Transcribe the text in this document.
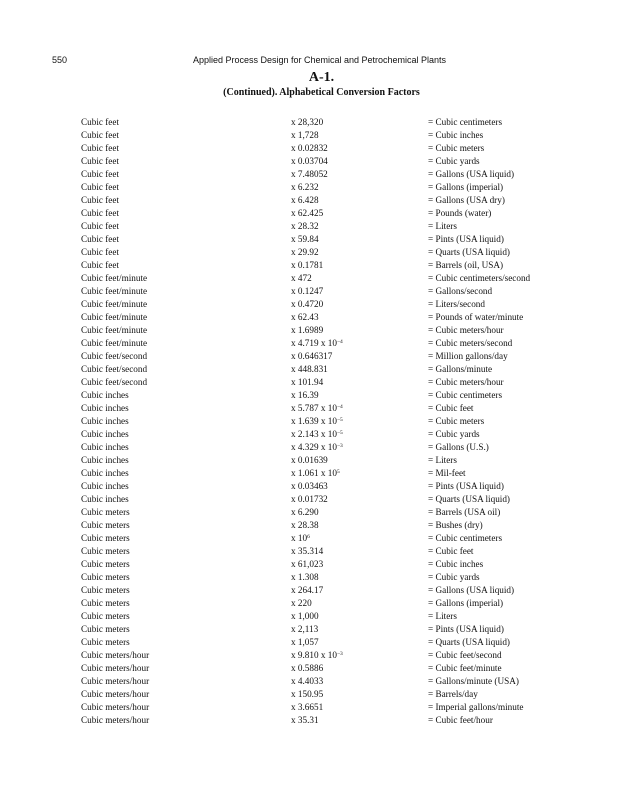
550	Applied Process Design for Chemical and Petrochemical Plants
A-1.
(Continued). Alphabetical Conversion Factors
Cubic feet	x 28,320	= Cubic centimeters
Cubic feet	x 1,728	= Cubic inches
Cubic feet	x 0.02832	= Cubic meters
Cubic feet	x 0.03704	= Cubic yards
Cubic feet	x 7.48052	= Gallons (USA liquid)
Cubic feet	x 6.232	= Gallons (imperial)
Cubic feet	x 6.428	= Gallons (USA dry)
Cubic feet	x 62.425	= Pounds (water)
Cubic feet	x 28.32	= Liters
Cubic feet	x 59.84	= Pints (USA liquid)
Cubic feet	x 29.92	= Quarts (USA liquid)
Cubic feet	x 0.1781	= Barrels (oil, USA)
Cubic feet/minute	x 472	= Cubic centimeters/second
Cubic feet/minute	x 0.1247	= Gallons/second
Cubic feet/minute	x 0.4720	= Liters/second
Cubic feet/minute	x 62.43	= Pounds of water/minute
Cubic feet/minute	x 1.6989	= Cubic meters/hour
Cubic feet/minute	x 4.719 x $10^{-4}$	= Cubic meters/second
Cubic feet/second	x 0.646317	= Million gallons/day
Cubic feet/second	x 448.831	= Gallons/minute
Cubic feet/second	x 101.94	= Cubic meters/hour
Cubic inches	x 16.39	= Cubic centimeters
Cubic inches	x 5.787 x $10^{-4}$	= Cubic feet
Cubic inches	x 1.639 x $10^{-5}$	= Cubic meters
Cubic inches	x 2.143 x $10^{-5}$	= Cubic yards
Cubic inches	x 4.329 x $10^{-3}$	= Gallons (U.S.)
Cubic inches	x 0.01639	= Liters
Cubic inches	x 1.061 x $10^5$	= Mil-feet
Cubic inches	x 0.03463	= Pints (USA liquid)
Cubic inches	x 0.01732	= Quarts (USA liquid)
Cubic meters	x 6.290	= Barrels (USA oil)
Cubic meters	x 28.38	= Bushes (dry)
Cubic meters	x $10^6$	= Cubic centimeters
Cubic meters	x 35.314	= Cubic feet
Cubic meters	x 61,023	= Cubic inches
Cubic meters	x 1.308	= Cubic yards
Cubic meters	x 264.17	= Gallons (USA liquid)
Cubic meters	x 220	= Gallons (imperial)
Cubic meters	x 1,000	= Liters
Cubic meters	x 2,113	= Pints (USA liquid)
Cubic meters	x 1,057	= Quarts (USA liquid)
Cubic meters/hour	x 9.810 x $10^{-3}$	= Cubic feet/second
Cubic meters/hour	x 0.5886	= Cubic feet/minute
Cubic meters/hour	x 4.4033	= Gallons/minute (USA)
Cubic meters/hour	x 150.95	= Barrels/day
Cubic meters/hour	x 3.6651	= Imperial gallons/minute
Cubic meters/hour	x 35.31	= Cubic feet/hour
